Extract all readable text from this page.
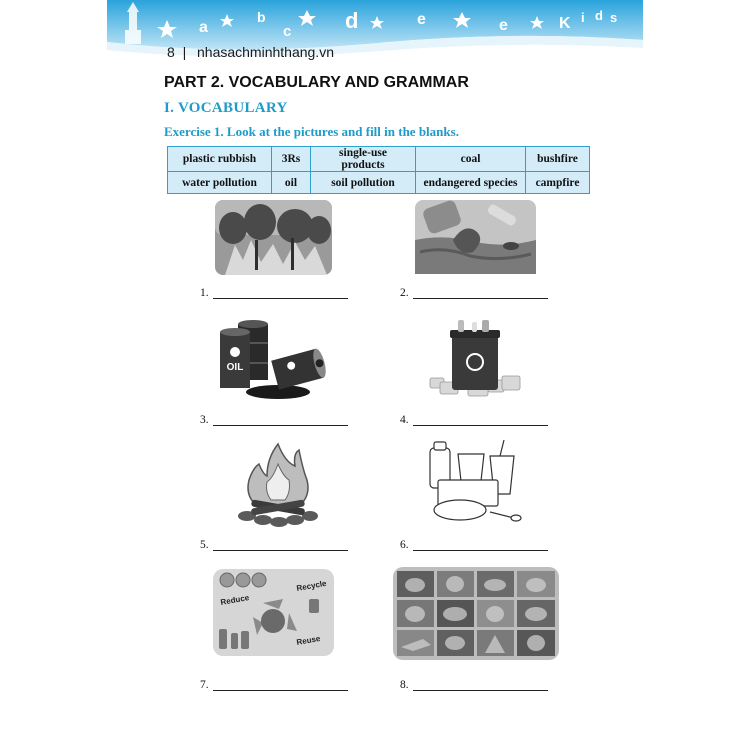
a
b
c d	e	e	K i d s
8 | nhasachminhthang.vn
PART 2. VOCABULARY AND GRAMMAR
I. VOCABULARY
Exercise 1. Look at the pictures and fill in the blanks.
plastic rubbish	3Rs	single-use products	coal	bushfire
water pollution	oil	soil pollution	endangered species	campfire
1.	2.
OIL
3.	4.
5.	6.
Reduce
Recycle
Reuse
7.	8.
